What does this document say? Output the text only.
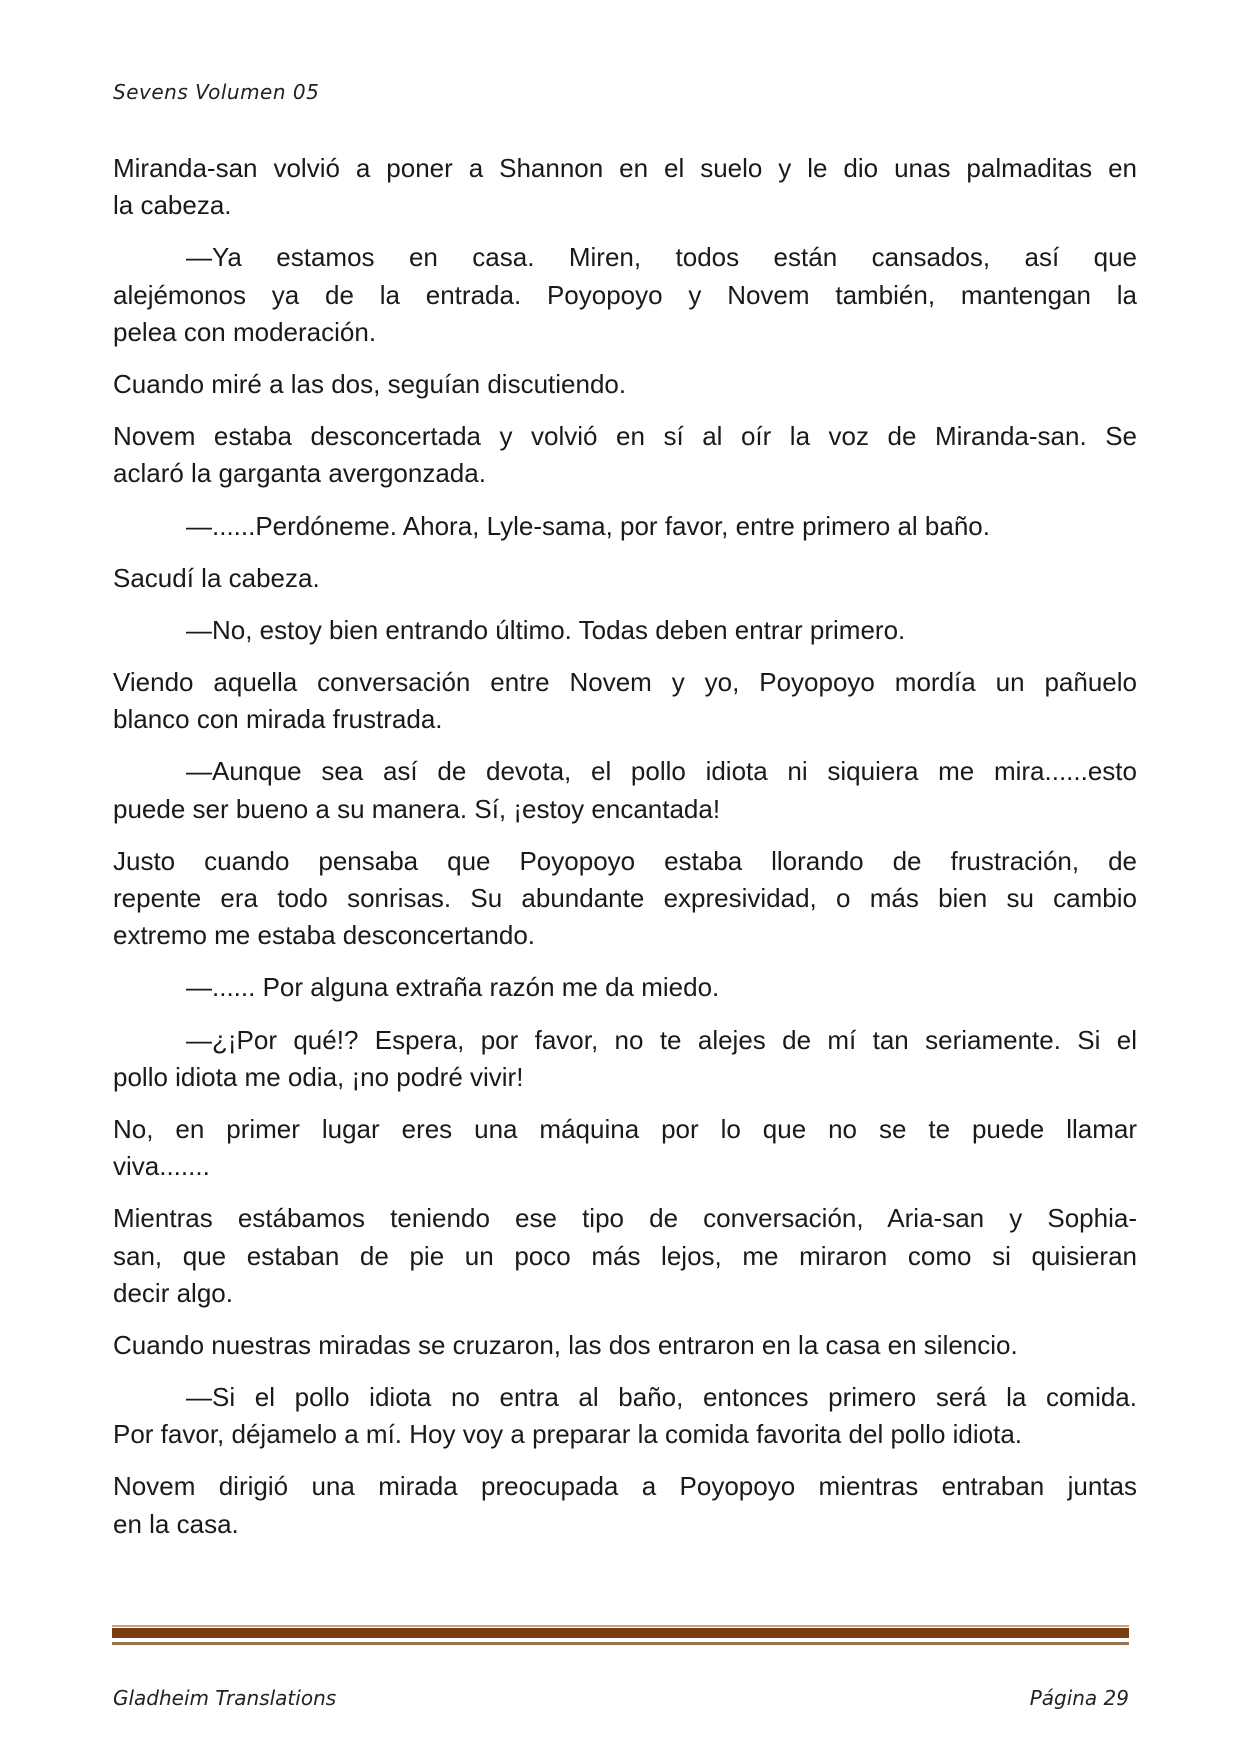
Sevens Volumen 05
Miranda-san volvió a poner a Shannon en el suelo y le dio unas palmaditas en
la cabeza.
—Ya estamos en casa. Miren, todos están cansados, así que
alejémonos ya de la entrada. Poyopoyo y Novem también, mantengan la
pelea con moderación.
Cuando miré a las dos, seguían discutiendo.
Novem estaba desconcertada y volvió en sí al oír la voz de Miranda-san. Se
aclaró la garganta avergonzada.
—......Perdóneme. Ahora, Lyle-sama, por favor, entre primero al baño.
Sacudí la cabeza.
—No, estoy bien entrando último. Todas deben entrar primero.
Viendo aquella conversación entre Novem y yo, Poyopoyo mordía un pañuelo
blanco con mirada frustrada.
—Aunque sea así de devota, el pollo idiota ni siquiera me mira......esto
puede ser bueno a su manera. Sí, ¡estoy encantada!
Justo cuando pensaba que Poyopoyo estaba llorando de frustración, de
repente era todo sonrisas. Su abundante expresividad, o más bien su cambio
extremo me estaba desconcertando.
—...... Por alguna extraña razón me da miedo.
—¿¡Por qué!? Espera, por favor, no te alejes de mí tan seriamente. Si el
pollo idiota me odia, ¡no podré vivir!
No, en primer lugar eres una máquina por lo que no se te puede llamar
viva.......
Mientras estábamos teniendo ese tipo de conversación, Aria-san y Sophia-
san, que estaban de pie un poco más lejos, me miraron como si quisieran
decir algo.
Cuando nuestras miradas se cruzaron, las dos entraron en la casa en silencio.
—Si el pollo idiota no entra al baño, entonces primero será la comida.
Por favor, déjamelo a mí. Hoy voy a preparar la comida favorita del pollo idiota.
Novem dirigió una mirada preocupada a Poyopoyo mientras entraban juntas
en la casa.
Gladheim Translations	Página 29
